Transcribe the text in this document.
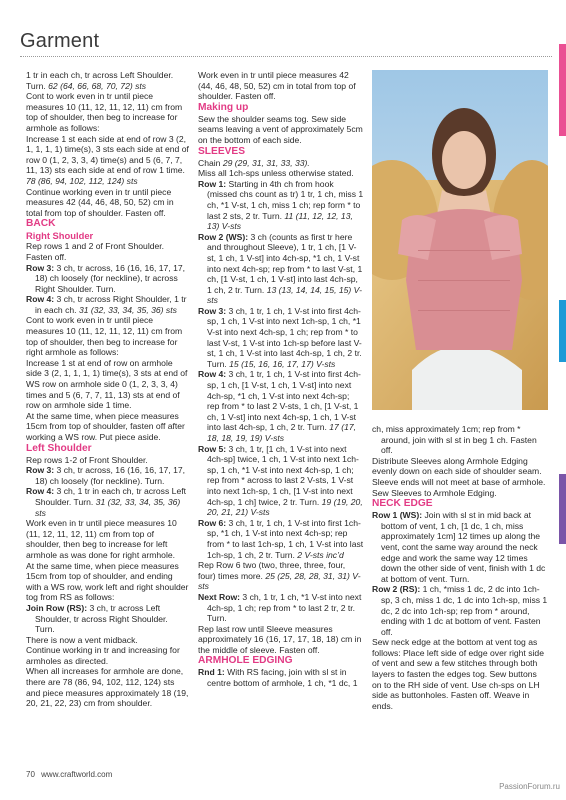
Garment

1 tr in each ch, tr across Left Shoulder.

Turn. 62 (64, 66, 68, 70, 72) sts

Cont to work even in tr until piece measures 10 (11, 12, 11, 12, 11) cm from top of shoulder, then beg to increase for armhole as follows:

Increase 1 st each side at end of row 3 (2, 1, 1, 1, 1) time(s), 3 sts each side at end of row 0 (1, 2, 3, 3, 4) time(s) and 5 (6, 7, 7, 11, 13) sts each side at end of row 1 time. 78 (86, 94, 102, 112, 124) sts

Continue working even in tr until piece measures 42 (44, 46, 48, 50, 52) cm in total from top of shoulder. Fasten off.

BACK

Right Shoulder

Rep rows 1 and 2 of Front Shoulder.

Fasten off.

Row 3: 3 ch, tr across, 16 (16, 16, 17, 17, 18) ch loosely (for neckline), tr across Right Shoulder. Turn.

Row 4: 3 ch, tr across Right Shoulder, 1 tr in each ch. 31 (32, 33, 34, 35, 36) sts

Cont to work even in tr until piece measures 10 (11, 12, 11, 12, 11) cm from top of shoulder, then beg to increase for right armhole as follows:

Increase 1 st at end of row on armhole side 3 (2, 1, 1, 1, 1) time(s), 3 sts at end of WS row on armhole side 0 (1, 2, 3, 3, 4) times and 5 (6, 7, 7, 11, 13) sts at end of row on armhole side 1 time.

At the same time, when piece measures 15cm from top of shoulder, fasten off after working a WS row. Put piece aside.

Left Shoulder

Rep rows 1-2 of Front Shoulder.

Row 3: 3 ch, tr across, 16 (16, 16, 17, 17, 18) ch loosely (for neckline). Turn.

Row 4: 3 ch, 1 tr in each ch, tr across Left Shoulder. Turn. 31 (32, 33, 34, 35, 36) sts

Work even in tr until piece measures 10 (11, 12, 11, 12, 11) cm from top of shoulder, then beg to increase for left armhole as was done for right armhole.

At the same time, when piece measures 15cm from top of shoulder, and ending with a WS row, work left and right shoulder tog from RS as follows:

Join Row (RS): 3 ch, tr across Left Shoulder, tr across Right Shoulder. Turn.

There is now a vent midback.

Continue working in tr and increasing for armholes as directed.

When all increases for armhole are done, there are 78 (86, 94, 102, 112, 124) sts and piece measures approximately 18 (19, 20, 21, 22, 23) cm from shoulder.

Work even in tr until piece measures 42 (44, 46, 48, 50, 52) cm in total from top of shoulder. Fasten off.

Making up

Sew the shoulder seams tog. Sew side seams leaving a vent of approximately 5cm on the bottom of each side.

SLEEVES

Chain 29 (29, 31, 31, 33, 33).

Miss all 1ch-sps unless otherwise stated.

Row 1: Starting in 4th ch from hook (missed chs count as tr) 1 tr, 1 ch, miss 1 ch, *1 V-st, 1 ch, miss 1 ch; rep form * to last 2 sts, 2 tr. Turn. 11 (11, 12, 12, 13, 13) V-sts

Row 2 (WS): 3 ch (counts as first tr here and throughout Sleeve), 1 tr, 1 ch, [1 V-st, 1 ch, 1 V-st] into 4ch-sp, *1 ch, 1 V-st into next 4ch-sp; rep from * to last V-st, 1 ch, [1 V-st, 1 ch, 1 V-st] into last 4ch-sp, 1 ch, 2 tr. Turn. 13 (13, 14, 14, 15, 15) V-sts

Row 3: 3 ch, 1 tr, 1 ch, 1 V-st into first 4ch-sp, 1 ch, 1 V-st into next 1ch-sp, 1 ch, *1 V-st into next 4ch-sp, 1 ch; rep from * to last V-st, 1 V-st into 1ch-sp before last V-st, 1 ch, 1 V-st into last 4ch-sp, 1 ch, 2 tr. Turn. 15 (15, 16, 16, 17, 17) V-sts

Row 4: 3 ch, 1 tr, 1 ch, 1 V-st into first 4ch-sp, 1 ch, [1 V-st, 1 ch, 1 V-st] into next 4ch-sp, *1 ch, 1 V-st into next 4ch-sp; rep from * to last 2 V-sts, 1 ch, [1 V-st, 1 ch, 1 V-st] into next 4ch-sp, 1 ch, 1 V-st into last 4ch-sp, 1 ch, 2 tr. Turn. 17 (17, 18, 18, 19, 19) V-sts

Row 5: 3 ch, 1 tr, [1 ch, 1 V-st into next 4ch-sp] twice, 1 ch, 1 V-st into next 1ch-sp, 1 ch, *1 V-st into next 4ch-sp, 1 ch; rep from * across to last 2 V-sts, 1 V-st into next 1ch-sp, 1 ch, [1 V-st into next 4ch-sp, 1 ch] twice, 2 tr. Turn. 19 (19, 20, 20, 21, 21) V-sts

Row 6: 3 ch, 1 tr, 1 ch, 1 V-st into first 1ch-sp, *1 ch, 1 V-st into next 4ch-sp; rep from * to last 1ch-sp, 1 ch, 1 V-st into last 1ch-sp, 1 ch, 2 tr. Turn. 2 V-sts inc’d

Rep Row 6 two (two, three, three, four, four) times more. 25 (25, 28, 28, 31, 31) V-sts

Next Row: 3 ch, 1 tr, 1 ch, *1 V-st into next 4ch-sp, 1 ch; rep from * to last 2 tr, 2 tr. Turn.

Rep last row until Sleeve measures approximately 16 (16, 17, 17, 18, 18) cm in the middle of sleeve. Fasten off.

ARMHOLE EDGING

Rnd 1: With RS facing, join with sl st in centre bottom of armhole, 1 ch, *1 dc, 1

ch, miss approximately 1cm; rep from * around, join with sl st in beg 1 ch. Fasten off.

Distribute Sleeves along Armhole Edging evenly down on each side of shoulder seam. Sleeve ends will not meet at base of armhole. Sew Sleeves to Armhole Edging.

NECK EDGE

Row 1 (WS): Join with sl st in mid back at bottom of vent, 1 ch, [1 dc, 1 ch, miss approximately 1cm] 12 times up along the vent, cont the same way around the neck edge and work the same way 12 times down the other side of vent, finish with 1 dc at bottom of vent. Turn.

Row 2 (RS): 1 ch, *miss 1 dc, 2 dc into 1ch-sp, 3 ch, miss 1 dc, 1 dc into 1ch-sp, miss 1 dc, 2 dc into 1ch-sp; rep from * around, ending with 1 dc at bottom of vent. Fasten off.

Sew neck edge at the bottom at vent tog as follows: Place left side of edge over right side of vent and sew a few stitches through both layers to fasten the edges tog. Sew buttons on to the RH side of vent. Use ch-sps on LH side as buttonholes. Fasten off. Weave in ends.

70 www.craftworld.com
PassionForum.ru
